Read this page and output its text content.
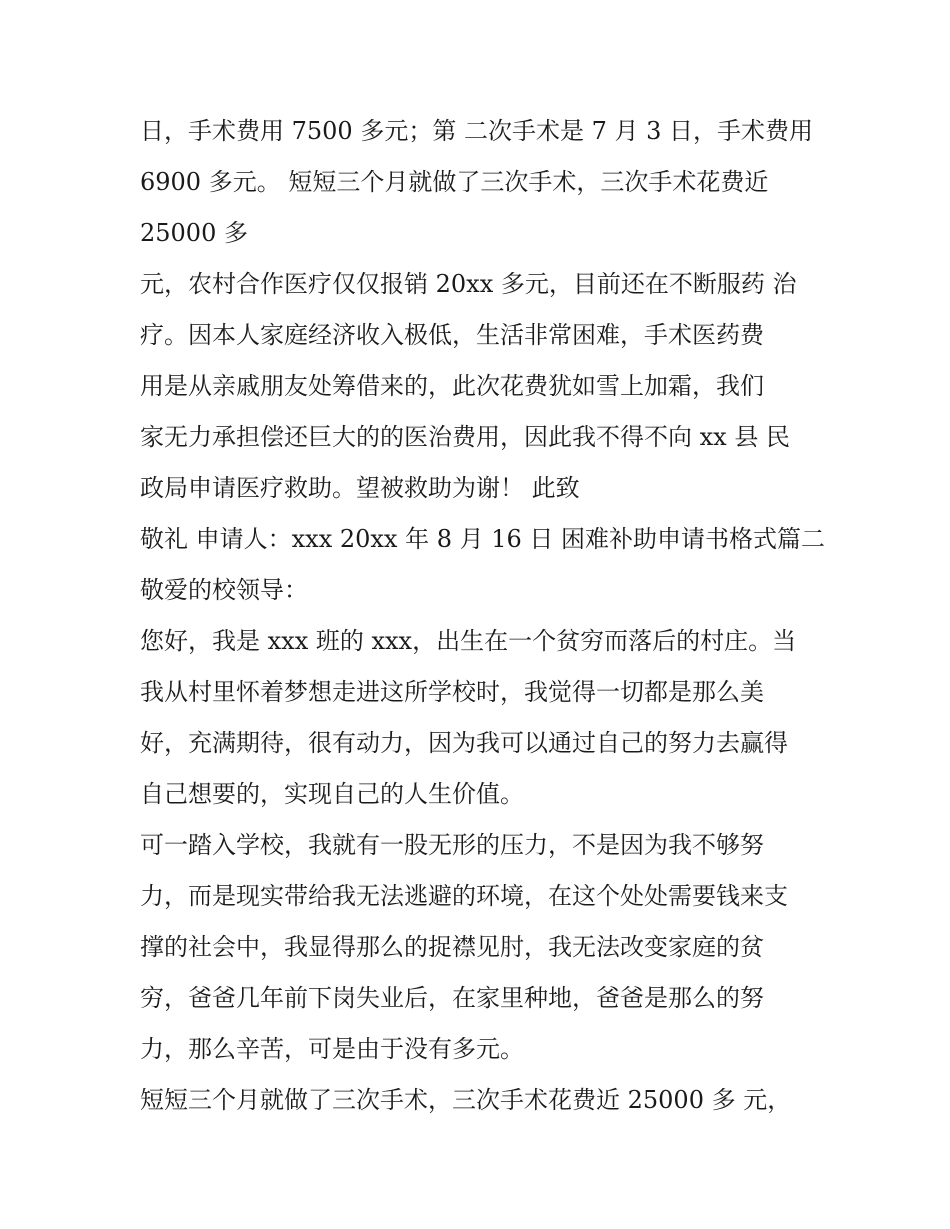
日，手术费用 7500 多元；第 二次手术是 7 月 3 日，手术费用
6900 多元。 短短三个月就做了三次手术，三次手术花费近
25000 多
元，农村合作医疗仅仅报销 20xx 多元，目前还在不断服药 治
疗。因本人家庭经济收入极低，生活非常困难，手术医药费
用是从亲戚朋友处筹借来的，此次花费犹如雪上加霜，我们
家无力承担偿还巨大的的医治费用，因此我不得不向 xx 县 民
政局申请医疗救助。望被救助为谢！ 此致
敬礼 申请人：xxx 20xx 年 8 月 16 日 困难补助申请书格式篇二
敬爱的校领导：
您好，我是 xxx 班的 xxx，出生在一个贫穷而落后的村庄。当
我从村里怀着梦想走进这所学校时，我觉得一切都是那么美
好，充满期待，很有动力，因为我可以通过自己的努力去赢得
自己想要的，实现自己的人生价值。
可一踏入学校，我就有一股无形的压力，不是因为我不够努
力，而是现实带给我无法逃避的环境，在这个处处需要钱来支
撑的社会中，我显得那么的捉襟见肘，我无法改变家庭的贫
穷，爸爸几年前下岗失业后，在家里种地，爸爸是那么的努
力，那么辛苦，可是由于没有多元。
短短三个月就做了三次手术，三次手术花费近 25000 多 元，
